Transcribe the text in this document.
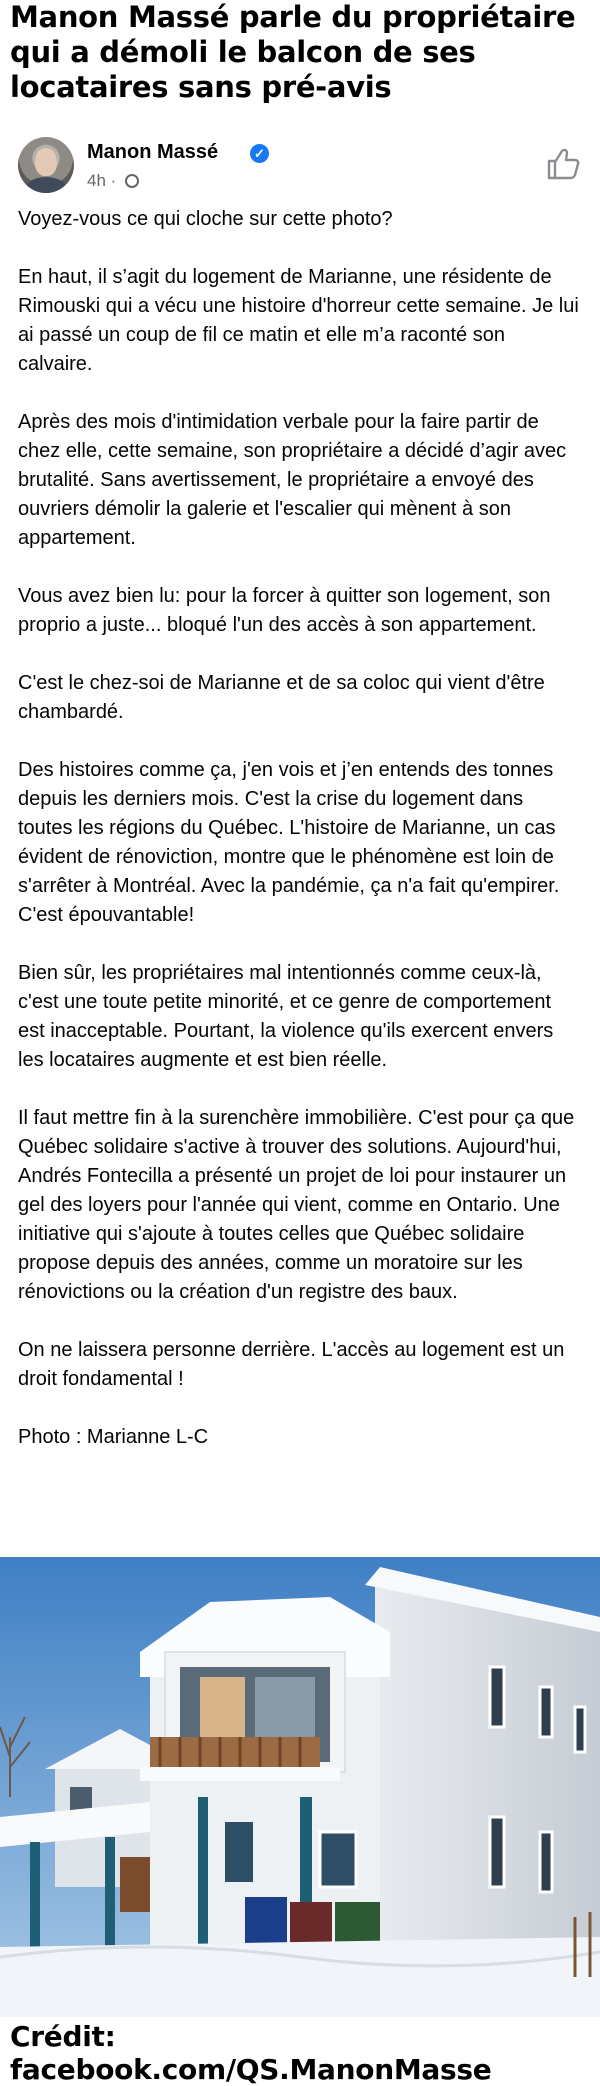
Manon Massé parle du propriétaire qui a démoli le balcon de ses locataires sans pré-avis
Manon Massé	✓
4h ·

Voyez-vous ce qui cloche sur cette photo?

En haut, il s’agit du logement de Marianne, une résidente de Rimouski qui a vécu une histoire d'horreur cette semaine. Je lui ai passé un coup de fil ce matin et elle m’a raconté son calvaire.

Après des mois d'intimidation verbale pour la faire partir de chez elle, cette semaine, son propriétaire a décidé d’agir avec brutalité. Sans avertissement, le propriétaire a envoyé des ouvriers démolir la galerie et l'escalier qui mènent à son appartement.

Vous avez bien lu: pour la forcer à quitter son logement, son proprio a juste... bloqué l'un des accès à son appartement.

C'est le chez-soi de Marianne et de sa coloc qui vient d'être chambardé.

Des histoires comme ça, j'en vois et j’en entends des tonnes depuis les derniers mois. C'est la crise du logement dans toutes les régions du Québec. L'histoire de Marianne, un cas évident de rénoviction, montre que le phénomène est loin de s'arrêter à Montréal. Avec la pandémie, ça n'a fait qu'empirer. C'est épouvantable!

Bien sûr, les propriétaires mal intentionnés comme ceux-là, c'est une toute petite minorité, et ce genre de comportement est inacceptable. Pourtant, la violence qu'ils exercent envers les locataires augmente et est bien réelle.

Il faut mettre fin à la surenchère immobilière. C'est pour ça que Québec solidaire s'active à trouver des solutions. Aujourd'hui, Andrés Fontecilla a présenté un projet de loi pour instaurer un gel des loyers pour l'année qui vient, comme en Ontario. Une initiative qui s'ajoute à toutes celles que Québec solidaire propose depuis des années, comme un moratoire sur les rénovictions ou la création d'un registre des baux.

On ne laissera personne derrière. L'accès au logement est un droit fondamental !

Photo : Marianne L-C

Crédit: facebook.com/QS.ManonMasse
